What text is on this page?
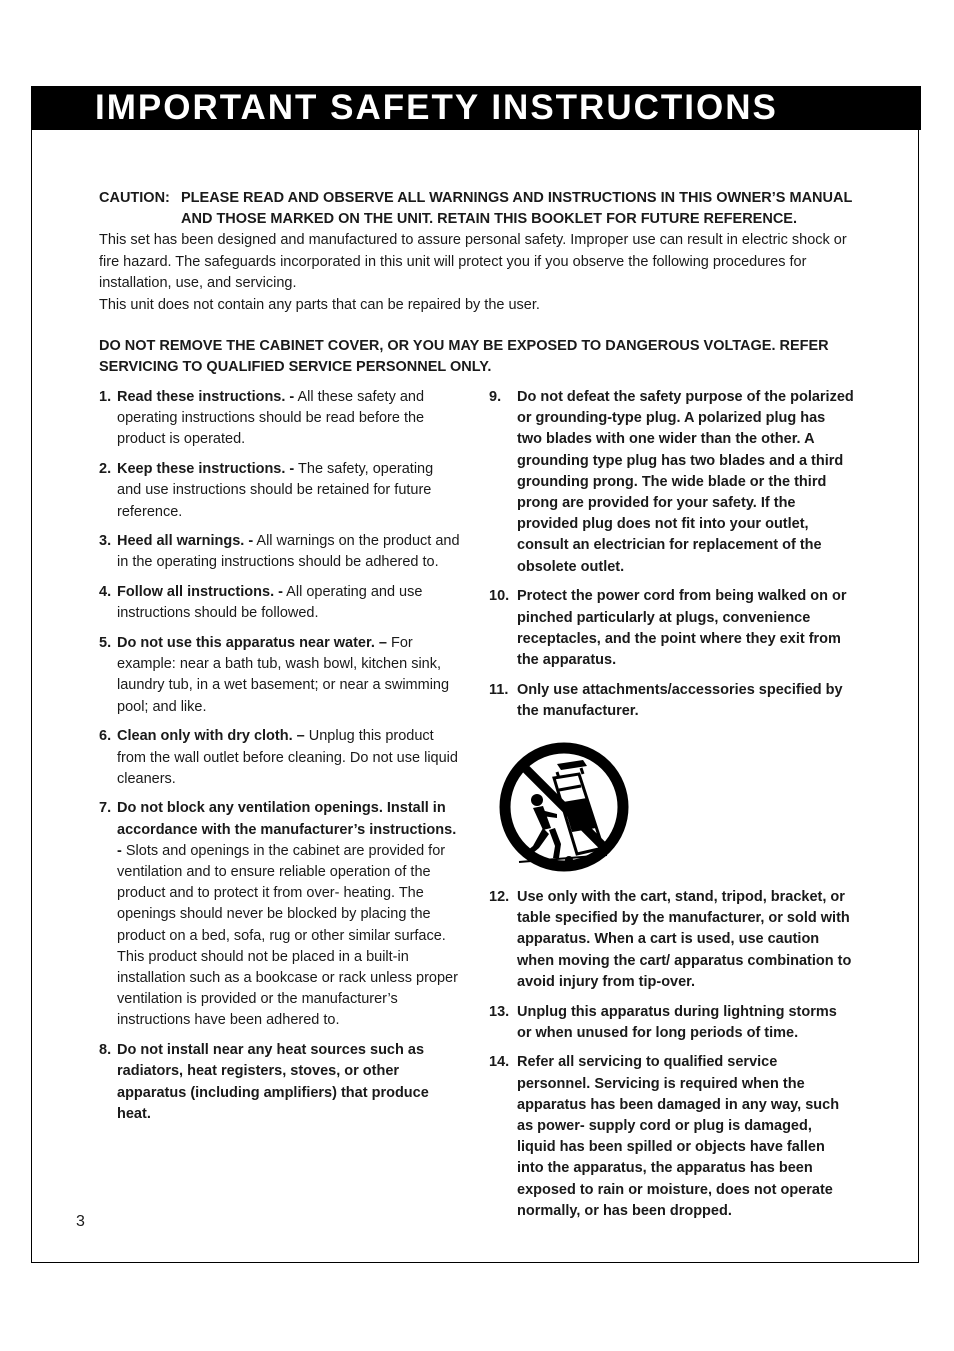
IMPORTANT SAFETY INSTRUCTIONS
CAUTION: PLEASE READ AND OBSERVE ALL WARNINGS AND INSTRUCTIONS IN THIS OWNER’S MANUAL AND THOSE MARKED ON THE UNIT. RETAIN THIS BOOKLET FOR FUTURE REFERENCE.

This set has been designed and manufactured to assure personal safety. Improper use can result in electric shock or fire hazard. The safeguards incorporated in this unit will protect you if you observe the following procedures for installation, use, and servicing.

This unit does not contain any parts that can be repaired by the user.

DO NOT REMOVE THE CABINET COVER, OR YOU MAY BE EXPOSED TO DANGEROUS VOLTAGE. REFER SERVICING TO QUALIFIED SERVICE PERSONNEL ONLY.

1. Read these instructions. - All these safety and operating instructions should be read before the product is operated.
2. Keep these instructions. - The safety, operating and use instructions should be retained for future reference.
3. Heed all warnings. - All warnings on the product and in the operating instructions should be adhered to.
4. Follow all instructions. - All operating and use instructions should be followed.
5. Do not use this apparatus near water. – For example: near a bath tub, wash bowl, kitchen sink, laundry tub, in a wet basement; or near a swimming pool; and like.
6. Clean only with dry cloth. – Unplug this product from the wall outlet before cleaning. Do not use liquid cleaners.
7. Do not block any ventilation openings. Install in accordance with the manufacturer’s instructions. - Slots and openings in the cabinet are provided for ventilation and to ensure reliable operation of the product and to protect it from over- heating. The openings should never be blocked by placing the product on a bed, sofa, rug or other similar surface. This product should not be placed in a built-in installation such as a bookcase or rack unless proper ventilation is provided or the manufacturer’s instructions have been adhered to.
8. Do not install near any heat sources such as radiators, heat registers, stoves, or other apparatus (including amplifiers) that produce heat.
9.	Do not defeat the safety purpose of the polarized or grounding-type plug. A polarized plug has two blades with one wider than the other. A grounding type plug has two blades and a third grounding prong. The wide blade or the third prong are provided for your safety. If the provided plug does not fit into your outlet, consult an electrician for replacement of the obsolete outlet.
10. Protect the power cord from being walked on or pinched particularly at plugs, convenience receptacles, and the point where they exit from the apparatus.
11. Only use attachments/accessories specified by the manufacturer.
12. Use only with the cart, stand, tripod, bracket, or table specified by the manufacturer, or sold with apparatus. When a cart is used, use caution when moving the cart/ apparatus combination to avoid injury from tip-over.
13. Unplug this apparatus during lightning storms or when unused for long periods of time.
14. Refer all servicing to qualified service personnel. Servicing is required when the apparatus has been damaged in any way, such as power- supply cord or plug is damaged, liquid has been spilled or objects have fallen into the apparatus, the apparatus has been exposed to rain or moisture, does not operate normally, or has been dropped.
3
